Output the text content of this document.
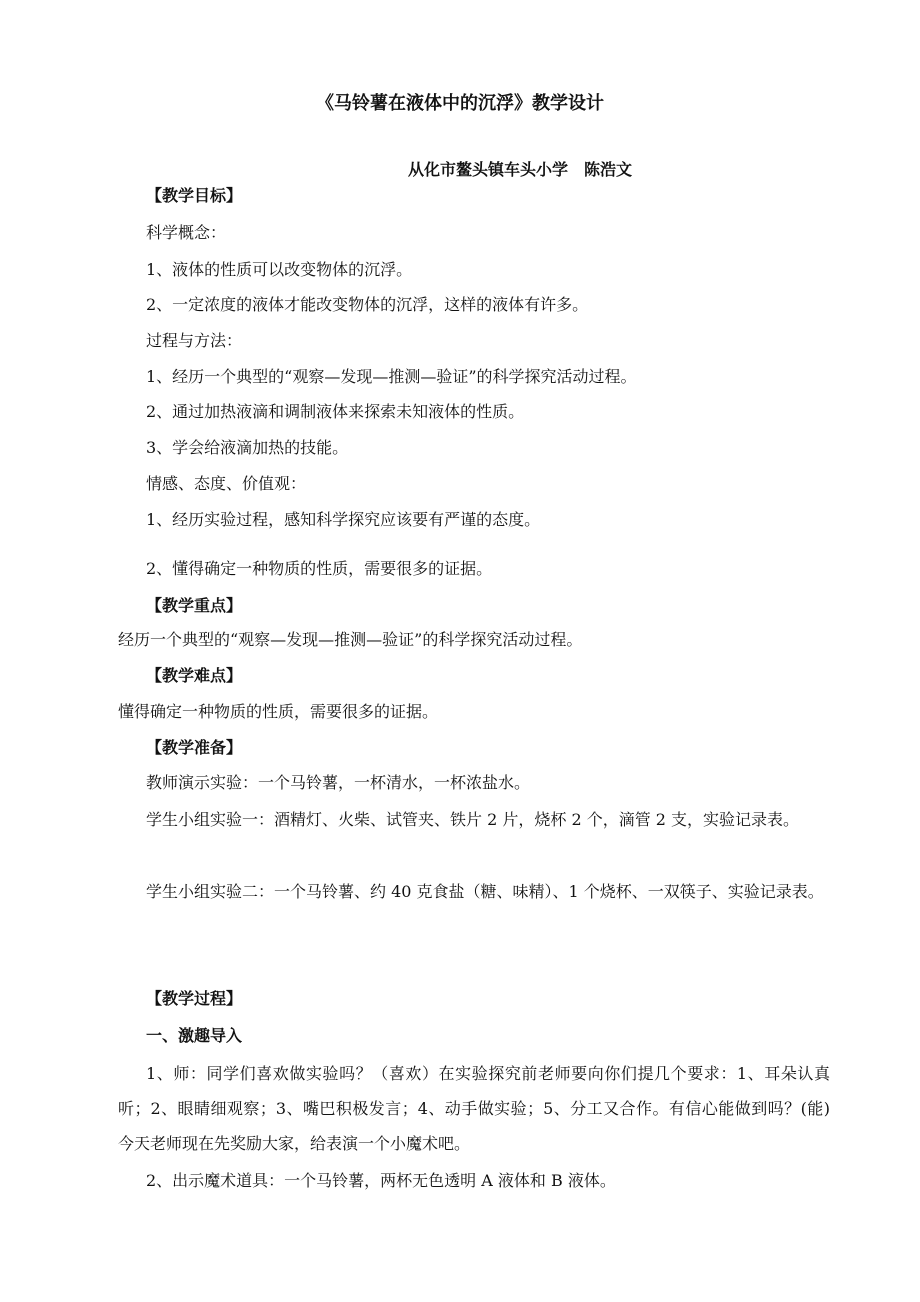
《马铃薯在液体中的沉浮》教学设计
从化市鳌头镇车头小学　陈浩文
【教学目标】
科学概念：
1、液体的性质可以改变物体的沉浮。
2、一定浓度的液体才能改变物体的沉浮，这样的液体有许多。
过程与方法：
1、经历一个典型的“观察—发现—推测—验证”的科学探究活动过程。
2、通过加热液滴和调制液体来探索未知液体的性质。
3、学会给液滴加热的技能。
情感、态度、价值观：
1、经历实验过程，感知科学探究应该要有严谨的态度。
2、懂得确定一种物质的性质，需要很多的证据。
【教学重点】
经历一个典型的“观察—发现—推测—验证”的科学探究活动过程。
【教学难点】
懂得确定一种物质的性质，需要很多的证据。
【教学准备】
教师演示实验：一个马铃薯，一杯清水，一杯浓盐水。

学生小组实验一：酒精灯、火柴、试管夹、铁片 2 片，烧杯 2 个，滴管 2 支，实验记录表。

学生小组实验二：一个马铃薯、约 40 克食盐（糖、味精）、1 个烧杯、一双筷子、实验记录表。

【教学过程】
一、激趣导入

1、师：同学们喜欢做实验吗？（喜欢）在实验探究前老师要向你们提几个要求：1、耳朵认真听；2、眼睛细观察；3、嘴巴积极发言；4、动手做实验；5、分工又合作。有信心能做到吗？(能) 今天老师现在先奖励大家，给表演一个小魔术吧。

2、出示魔术道具：一个马铃薯，两杯无色透明 A 液体和 B 液体。
